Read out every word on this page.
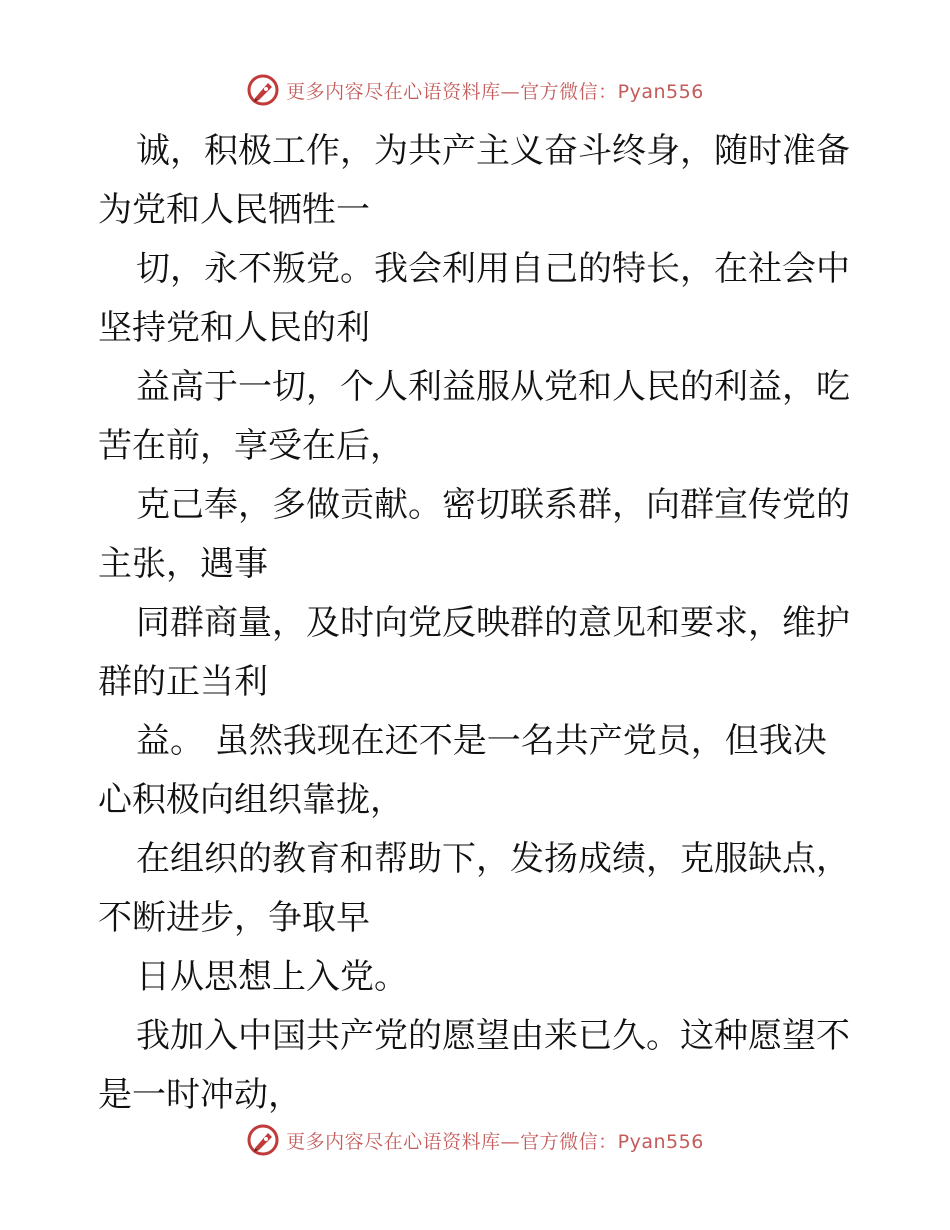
更多内容尽在心语资料库—官方微信：Pyan556

诚，积极工作，为共产主义奋斗终身，随时准备

为党和人民牺牲一

切，永不叛党。我会利用自己的特长，在社会中

坚持党和人民的利

益高于一切，个人利益服从党和人民的利益，吃

苦在前，享受在后，

克己奉，多做贡献。密切联系群，向群宣传党的

主张，遇事

同群商量，及时向党反映群的意见和要求，维护

群的正当利

益。 虽然我现在还不是一名共产党员，但我决

心积极向组织靠拢，

在组织的教育和帮助下，发扬成绩，克服缺点，

不断进步，争取早

日从思想上入党。

我加入中国共产党的愿望由来已久。这种愿望不

是一时冲动，

更多内容尽在心语资料库—官方微信：Pyan556
